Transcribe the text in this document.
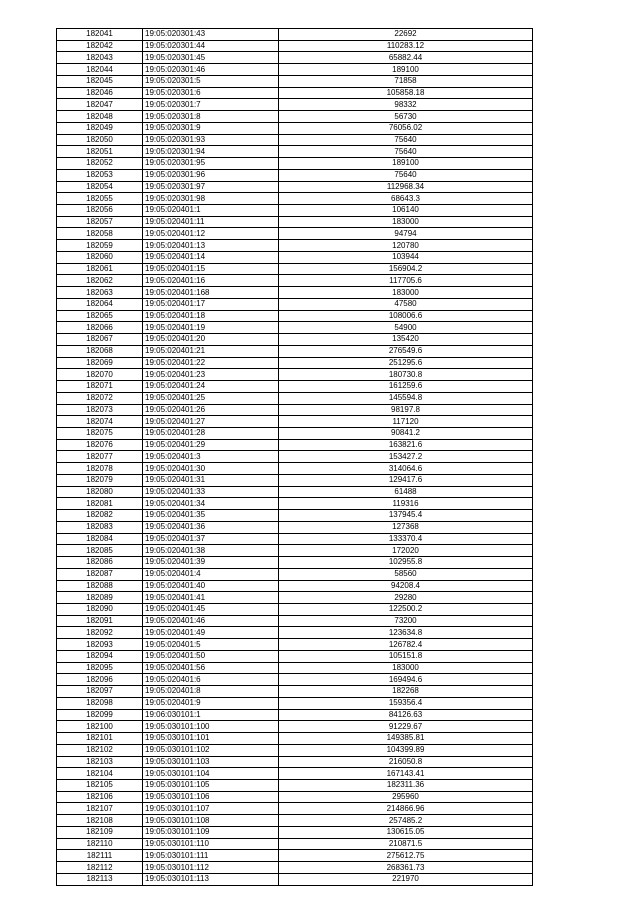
182041	19:05:020301:43	22692
182042	19:05:020301:44	110283.12
182043	19:05:020301:45	65882.44
182044	19:05:020301:46	189100
182045	19:05:020301:5	71858
182046	19:05:020301:6	105858.18
182047	19:05:020301:7	98332
182048	19:05:020301:8	56730
182049	19:05:020301:9	76056.02
182050	19:05:020301:93	75640
182051	19:05:020301:94	75640
182052	19:05:020301:95	189100
182053	19:05:020301:96	75640
182054	19:05:020301:97	112968.34
182055	19:05:020301:98	68643.3
182056	19:05:020401:1	106140
182057	19:05:020401:11	183000
182058	19:05:020401:12	94794
182059	19:05:020401:13	120780
182060	19:05:020401:14	103944
182061	19:05:020401:15	156904.2
182062	19:05:020401:16	117705.6
182063	19:05:020401:168	183000
182064	19:05:020401:17	47580
182065	19:05:020401:18	108006.6
182066	19:05:020401:19	54900
182067	19:05:020401:20	135420
182068	19:05:020401:21	276549.6
182069	19:05:020401:22	251295.6
182070	19:05:020401:23	180730.8
182071	19:05:020401:24	161259.6
182072	19:05:020401:25	145594.8
182073	19:05:020401:26	98197.8
182074	19:05:020401:27	117120
182075	19:05:020401:28	90841.2
182076	19:05:020401:29	163821.6
182077	19:05:020401:3	153427.2
182078	19:05:020401:30	314064.6
182079	19:05:020401:31	129417.6
182080	19:05:020401:33	61488
182081	19:05:020401:34	119316
182082	19:05:020401:35	137945.4
182083	19:05:020401:36	127368
182084	19:05:020401:37	133370.4
182085	19:05:020401:38	172020
182086	19:05:020401:39	102955.8
182087	19:05:020401:4	58560
182088	19:05:020401:40	94208.4
182089	19:05:020401:41	29280
182090	19:05:020401:45	122500.2
182091	19:05:020401:46	73200
182092	19:05:020401:49	123634.8
182093	19:05:020401:5	126782.4
182094	19:05:020401:50	105151.8
182095	19:05:020401:56	183000
182096	19:05:020401:6	169494.6
182097	19:05:020401:8	182268
182098	19:05:020401:9	159356.4
182099	19:06:030101:1	84126.63
182100	19:05:030101:100	91229.67
182101	19:05:030101:101	149385.81
182102	19:05:030101:102	104399.89
182103	19:05:030101:103	216050.8
182104	19:05:030101:104	167143.41
182105	19:05:030101:105	182311.36
182106	19:05:030101:106	295960
182107	19:05:030101:107	214866.96
182108	19:05:030101:108	257485.2
182109	19:05:030101:109	130615.05
182110	19:05:030101:110	210871.5
182111	19:05:030101:111	275612.75
182112	19:05:030101:112	268361.73
182113	19:05:030101:113	221970
